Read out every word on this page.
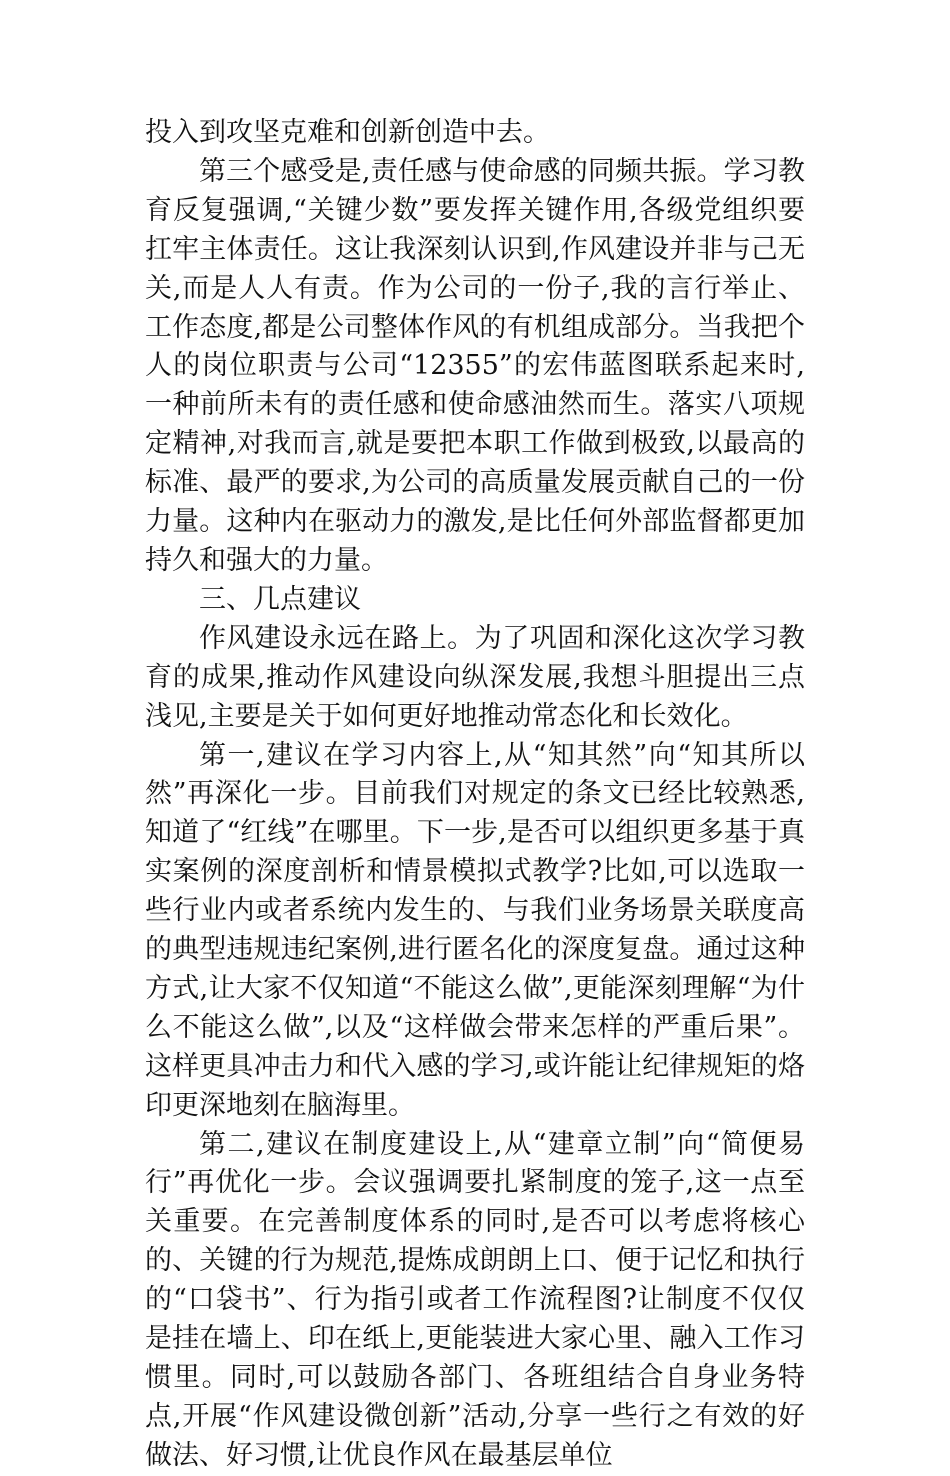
投入到攻坚克难和创新创造中去。

第三个感受是,责任感与使命感的同频共振。学习教育反复强调,“关键少数”要发挥关键作用,各级党组织要扛牢主体责任。这让我深刻认识到,作风建设并非与己无关,而是人人有责。作为公司的一份子,我的言行举止、工作态度,都是公司整体作风的有机组成部分。当我把个人的岗位职责与公司“12355”的宏伟蓝图联系起来时,一种前所未有的责任感和使命感油然而生。落实八项规定精神,对我而言,就是要把本职工作做到极致,以最高的标准、最严的要求,为公司的高质量发展贡献自己的一份力量。这种内在驱动力的激发,是比任何外部监督都更加持久和强大的力量。

三、几点建议

作风建设永远在路上。为了巩固和深化这次学习教育的成果,推动作风建设向纵深发展,我想斗胆提出三点浅见,主要是关于如何更好地推动常态化和长效化。

第一,建议在学习内容上,从“知其然”向“知其所以然”再深化一步。目前我们对规定的条文已经比较熟悉,知道了“红线”在哪里。下一步,是否可以组织更多基于真实案例的深度剖析和情景模拟式教学?比如,可以选取一些行业内或者系统内发生的、与我们业务场景关联度高的典型违规违纪案例,进行匿名化的深度复盘。通过这种方式,让大家不仅知道“不能这么做”,更能深刻理解“为什么不能这么做”,以及“这样做会带来怎样的严重后果”。这样更具冲击力和代入感的学习,或许能让纪律规矩的烙印更深地刻在脑海里。

第二,建议在制度建设上,从“建章立制”向“简便易行”再优化一步。会议强调要扎紧制度的笼子,这一点至关重要。在完善制度体系的同时,是否可以考虑将核心的、关键的行为规范,提炼成朗朗上口、便于记忆和执行的“口袋书”、行为指引或者工作流程图?让制度不仅仅是挂在墙上、印在纸上,更能装进大家心里、融入工作习惯里。同时,可以鼓励各部门、各班组结合自身业务特点,开展“作风建设微创新”活动,分享一些行之有效的好做法、好习惯,让优良作风在最基层单位
